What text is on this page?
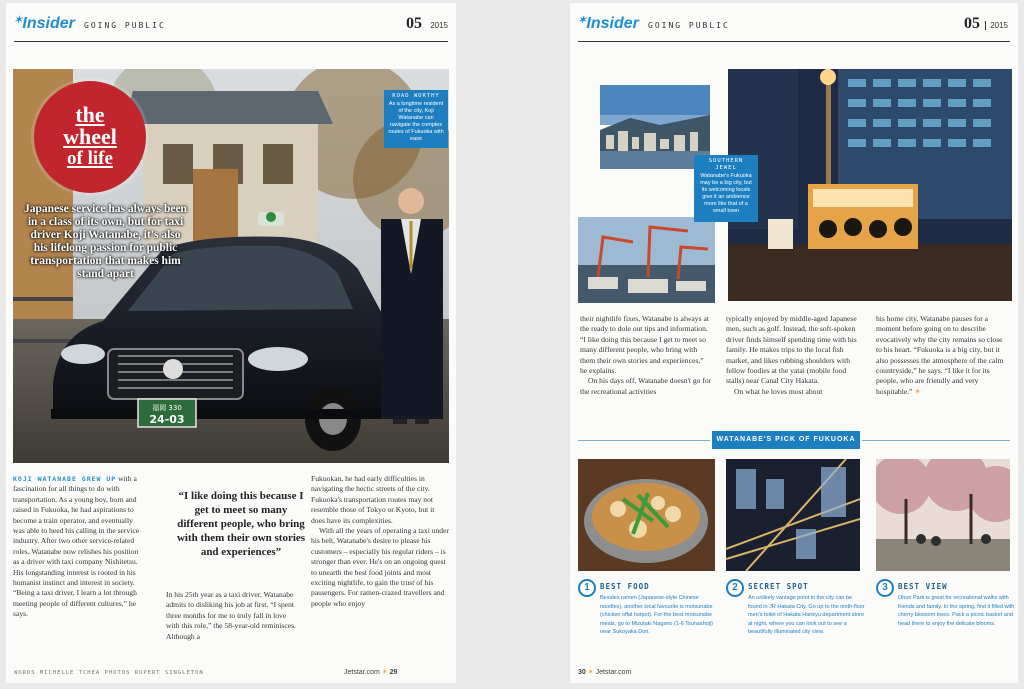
✶Insider GOING PUBLIC	05 2015
福岡 330
24-03
the
wheel
of life
Japanese service has always been in a class of its own, but for taxi driver Koji Watanabe, it's also his lifelong passion for public transportation that makes him stand apart
ROAD WORTHY
As a longtime resident of the city, Koji Watanabe can navigate the complex routes of Fukuoka with ease

KOJI WATANABE GREW UP with a fascination for all things to do with transportation. As a young boy, born and raised in Fukuoka, he had aspirations to become a train operator, and eventually was able to heed his calling in the service industry. After two other service-related roles, Watanabe now relishes his position as a driver with taxi company Nishitetsu. His longstanding interest is rooted in his humanist instinct and interest in society. “Being a taxi driver, I learn a lot through meeting people of different cultures,” he says.

“I like doing this because I get to meet so many different people, who bring with them their own stories and experiences”

In his 25th year as a taxi driver, Watanabe admits to disliking his job at first. “I spent three months for me to truly fall in love with this role,” the 58-year-old reminisces. Although a

Fukuokan, he had early difficulties in navigating the hectic streets of the city. Fukuoka's transportation routes may not resemble those of Tokyo or Kyoto, but it does have its complexities.

With all the years of operating a taxi under his belt, Watanabe's desire to please his customers – especially his regular riders – is stronger than ever. He's on an ongoing quest to unearth the best food joints and most exciting nightlife, to gain the trust of his passengers. For ramen-crazed travellers and people who enjoy

WORDS MICHELLE TCHEA PHOTOS RUPERT SINGLETON	Jetstar.com ✶ 29
✶Insider GOING PUBLIC	05	2015
SOUTHERN JEWEL
Watanabe's Fukuoka may be a big city, but its welcoming locals give it an ambience more like that of a small town

their nightlife fixes, Watanabe is always at the ready to dole out tips and information. “I like doing this because I get to meet so many different people, who bring with them their own stories and experiences,” he explains.

On his days off, Watanabe doesn't go for the recreational activities

typically enjoyed by middle-aged Japanese men, such as golf. Instead, the soft-spoken driver finds himself spending time with his family. He makes trips to the local fish market, and likes rubbing shoulders with fellow foodies at the yatai (mobile food stalls) near Canal City Hakata.

On what he loves most about

his home city, Watanabe pauses for a moment before going on to describe evocatively why the city remains so close to his heart. “Fukuoka is a big city, but it also possesses the atmosphere of the calm countryside,” he says. “I like it for its people, who are friendly and very hospitable.” ✶

WATANABE'S PICK OF FUKUOKA
1	BEST FOOD

Besides ramen (Japanese-style Chinese noodles), another local favourite is motsunabe (chicken offal hotpot). For the best motsunabe meals, go to Mizutaki Nagano (1-6 Tsunashoji) near Sukoyaka Dori.

2	SECRET SPOT

An unlikely vantage point in the city can be found in JR Hakata City. Go up to the ninth-floor men's toilet of Hakata Hankyu department store at night, where you can look out to see a beautifully illuminated city view.

3	BEST VIEW

Ohori Park is great for recreational walks with friends and family. In the spring, find it filled with cherry blossom trees. Pack a picnic basket and head there to enjoy the delicate blooms.

30 ✶ Jetstar.com
